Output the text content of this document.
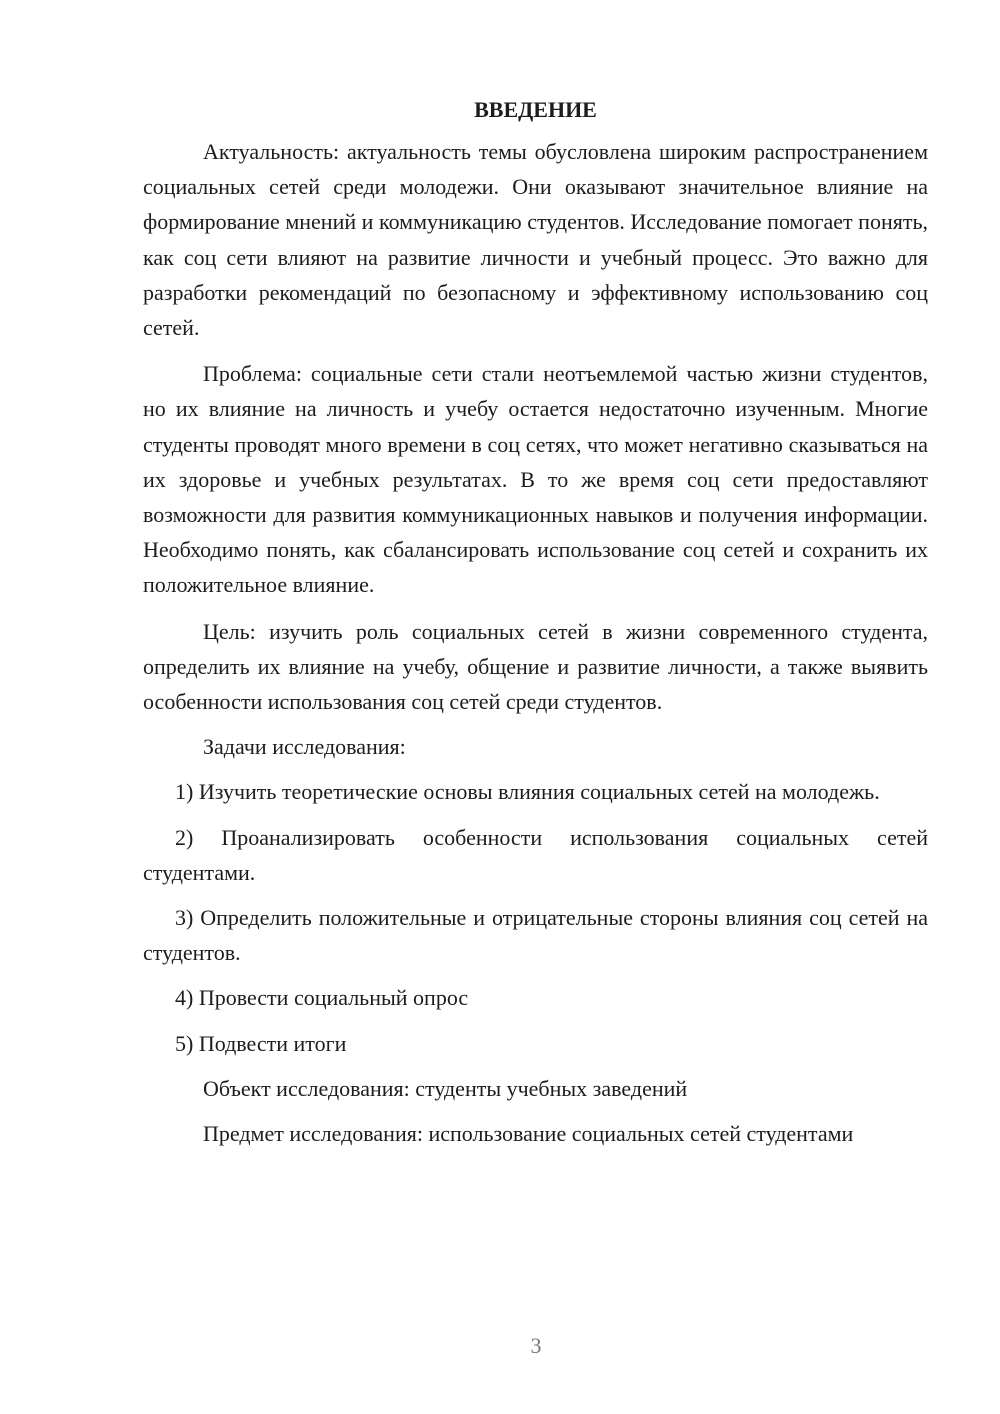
ВВЕДЕНИЕ

Актуальность: актуальность темы обусловлена широким распространением социальных сетей среди молодежи. Они оказывают значительное влияние на формирование мнений и коммуникацию студентов. Исследование помогает понять, как соц сети влияют на развитие личности и учебный процесс. Это важно для разработки рекомендаций по безопасному и эффективному использованию соц сетей.

Проблема: социальные сети стали неотъемлемой частью жизни студентов, но их влияние на личность и учебу остается недостаточно изученным. Многие студенты проводят много времени в соц сетях, что может негативно сказываться на их здоровье и учебных результатах. В то же время соц сети предоставляют возможности для развития коммуникационных навыков и получения информации. Необходимо понять, как сбалансировать использование соц сетей и сохранить их положительное влияние.

Цель: изучить роль социальных сетей в жизни современного студента, определить их влияние на учебу, общение и развитие личности, а также выявить особенности использования соц сетей среди студентов.

Задачи исследования:

1) Изучить теоретические основы влияния социальных сетей на молодежь.

2) Проанализировать особенности использования социальных сетей студентами.

3) Определить положительные и отрицательные стороны влияния соц сетей на студентов.

4) Провести социальный опрос

5) Подвести итоги

Объект исследования: студенты учебных заведений

Предмет исследования: использование социальных сетей студентами

3
